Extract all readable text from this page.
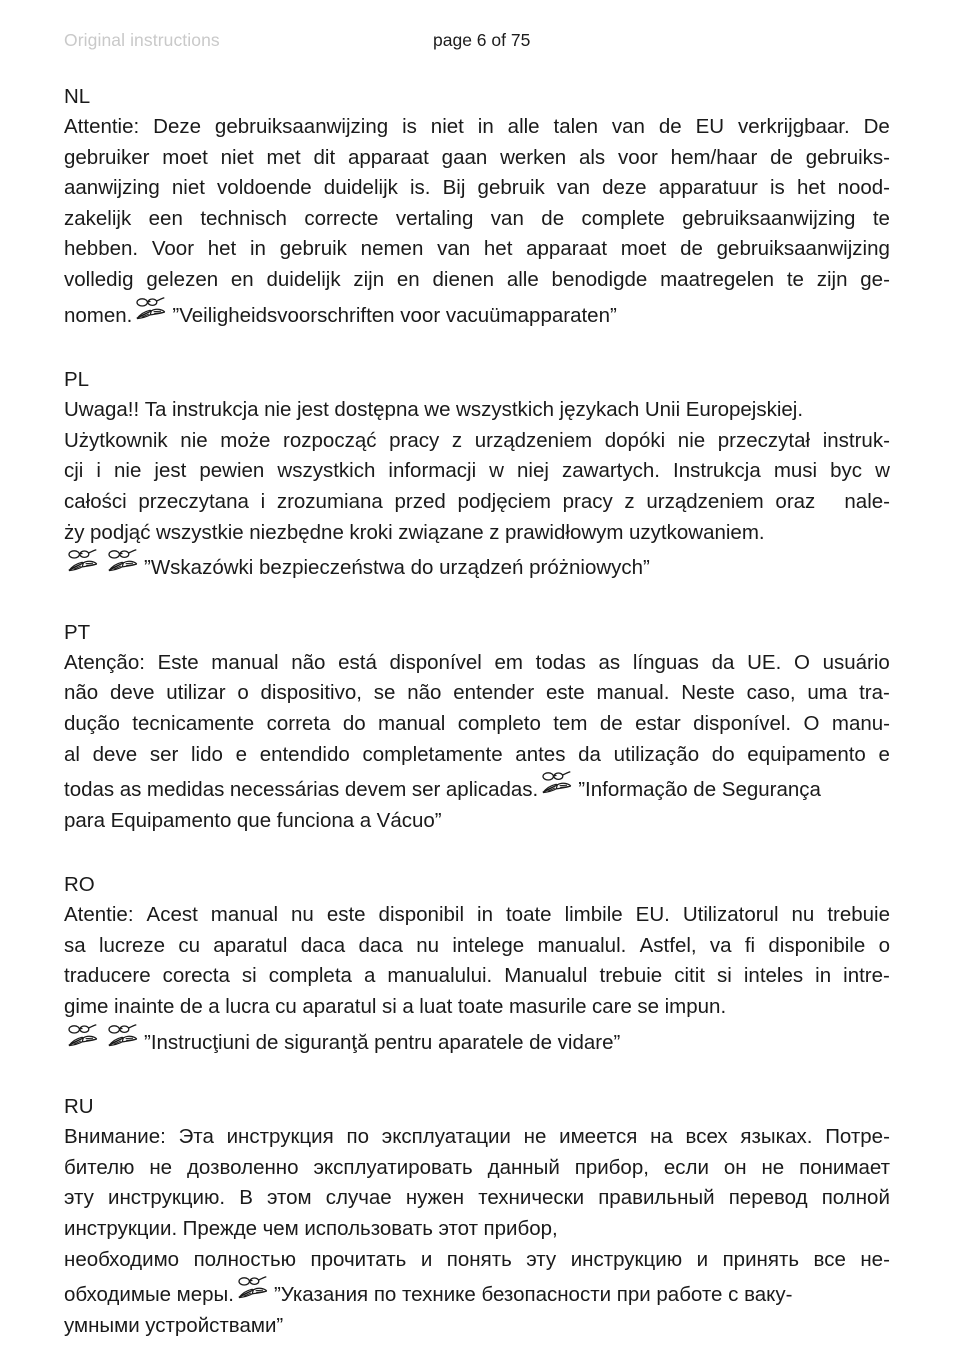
Original instructions	page 6 of 75
NL
Attentie: Deze gebruiksaanwijzing is niet in alle talen van de EU verkrijgbaar. De
gebruiker moet niet met dit apparaat gaan werken als voor hem/haar de gebruiks-
aanwijzing niet voldoende duidelijk is. Bij gebruik van deze apparatuur is het nood-
zakelijk een technisch correcte vertaling van de complete gebruiksaanwijzing te
hebben. Voor het in gebruik nemen van het apparaat moet de gebruiksaanwijzing
volledig gelezen en duidelijk zijn en dienen alle benodigde maatregelen te zijn ge-
nomen. ”Veiligheidsvoorschriften voor vacuümapparaten”
PL
Uwaga!! Ta instrukcja nie jest dostępna we wszystkich językach Unii Europejskiej.
Użytkownik nie może rozpocząć pracy z urządzeniem dopóki nie przeczytał instruk-
cji i nie jest pewien wszystkich informacji w niej zawartych. Instrukcja musi byc w
całości przeczytana i zrozumiana przed podjęciem pracy z urządzeniem oraz
nale-
ży podjąć wszystkie niezbędne kroki związane z prawidłowym uzytkowaniem.
”Wskazówki bezpieczeństwa do urządzeń próżniowych”
PT
Atenção: Este manual não está disponível em todas as línguas da UE. O usuário
não deve utilizar o dispositivo, se não entender este manual. Neste caso, uma tra-
dução tecnicamente correta do manual completo tem de estar disponível. O manu-
al deve ser lido e entendido completamente antes da utilização do equipamento e
todas as medidas necessárias devem ser aplicadas. ”Informação de Segurança
para Equipamento que funciona a Vácuo”
RO
Atentie: Acest manual nu este disponibil in toate limbile EU. Utilizatorul nu trebuie
sa lucreze cu aparatul daca daca nu intelege manualul. Astfel, va fi disponibile o
traducere corecta si completa a manualului. Manualul trebuie citit si inteles in intre-
gime inainte de a lucra cu aparatul si a luat toate masurile care se impun.
”Instrucţiuni de siguranţă pentru aparatele de vidare”
RU
Внимание: Эта инструкция по эксплуатации не имеется на всех языках. Потре-
бителю не дозволенно эксплуатировать данный прибор, если он не понимает
эту инструкцию. В этом случае нужен технически правильный перевод полной
инструкции. Прежде чем использовать этот прибор,
необходимо полностью прочитать и понять эту инструкцию и принять все не-
обходимые меры. ”Указания по технике безопасности при работе с ваку-
умными устройствами”
